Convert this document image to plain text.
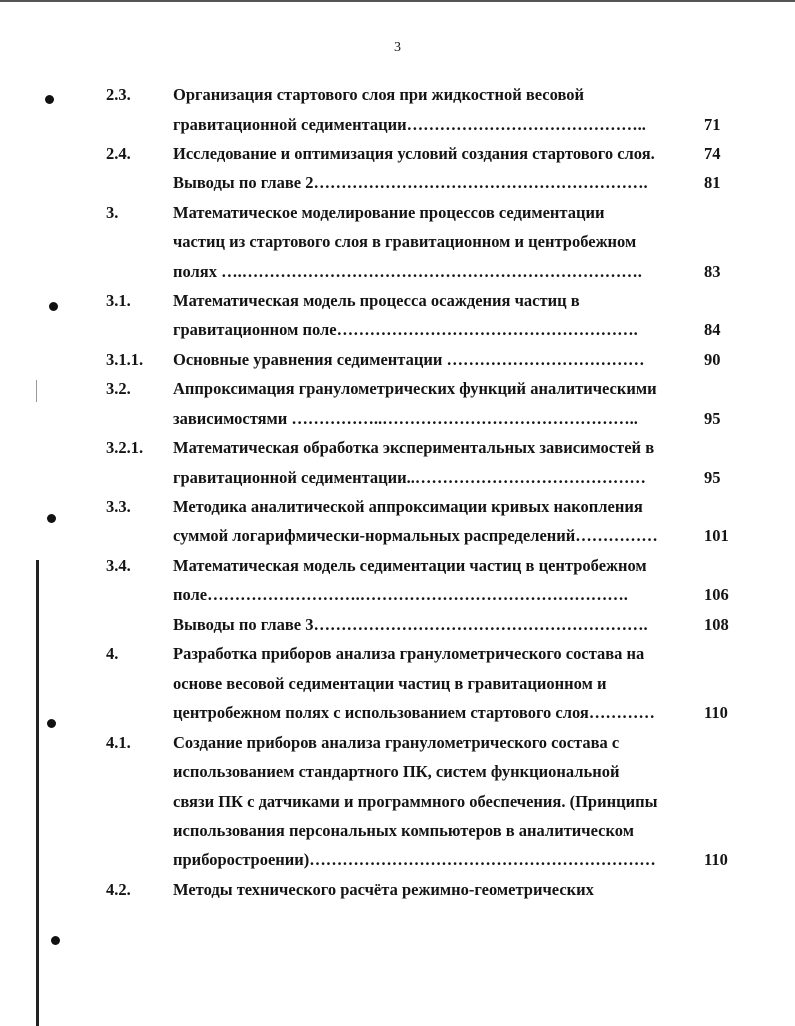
3
2.3.	Организация стартового слоя при жидкостной весовой
гравитационной седиментации……………………………………..	71
2.4.	Исследование и оптимизация условий создания стартового слоя.	74
Выводы по главе 2…………………………………………………….	81
3.	Математическое моделирование процессов седиментации
частиц из стартового слоя в гравитационном и центробежном
полях ….……………………………………………………………….	83
3.1.	Математическая модель процесса осаждения частиц в
гравитационном поле……………………………………………….	84
3.1.1. Основные уравнения седиментации ………………………………	90
3.2.	Аппроксимация гранулометрических функций аналитическими
зависимостями ……………..………………………………………..	95
3.2.1. Математическая обработка экспериментальных зависимостей в
гравитационной седиментации..……………………………………	95
3.3.	Методика аналитической аппроксимации кривых накопления
суммой логарифмически-нормальных распределений……………	101
3.4.	Математическая модель седиментации частиц в центробежном
поле……………………….………………………………………….	106
Выводы по главе 3…………………………………………………….	108
4.	Разработка приборов анализа гранулометрического состава на
основе весовой седиментации частиц в гравитационном и
центробежном полях с использованием стартового слоя…………	110
4.1.	Создание приборов анализа гранулометрического состава с
использованием стандартного ПК, систем функциональной
связи ПК с датчиками и программного обеспечения. (Принципы
использования персональных компьютеров в аналитическом
приборостроении)………………………………………………………	110
4.2.	Методы технического расчёта режимно-геометрических
